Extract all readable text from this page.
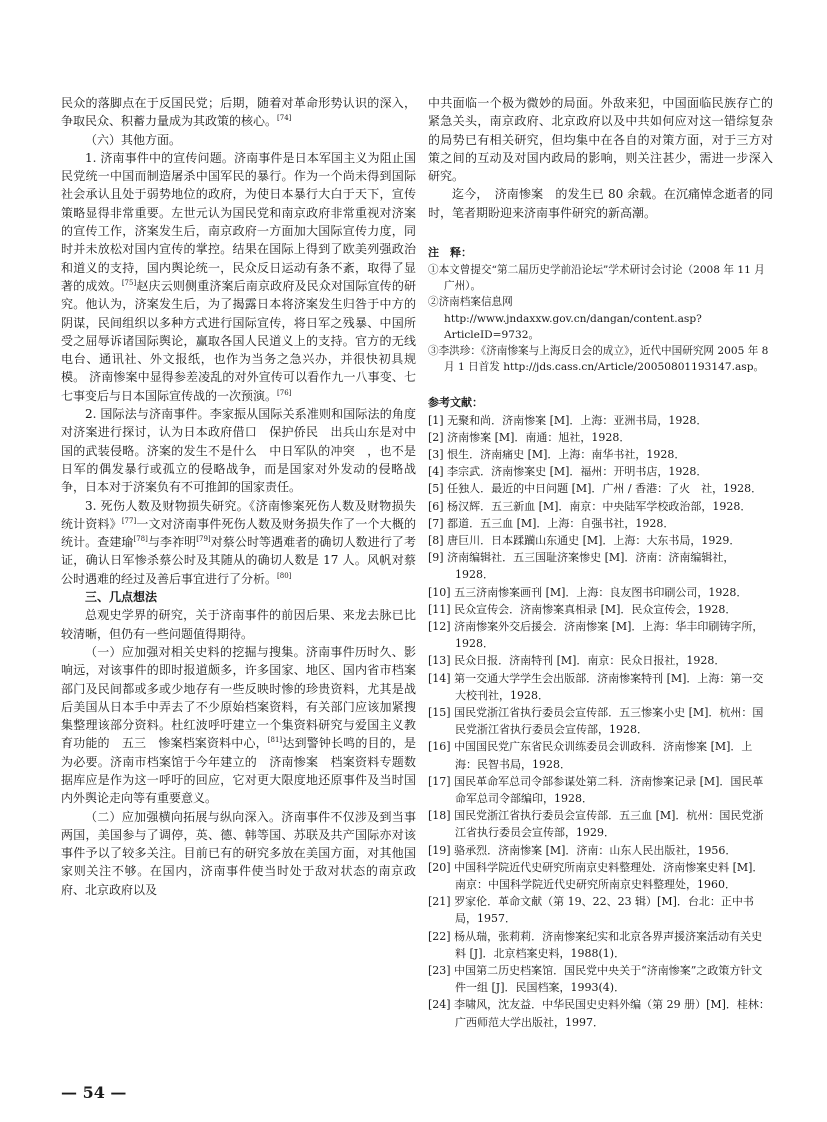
民众的落脚点在于反国民党；后期，随着对革命形势认识的深入，争取民众、积蓄力量成为其政策的核心。[74]

（六）其他方面。

1. 济南事件中的宣传问题。济南事件是日本军国主义为阻止国民党统一中国而制造屠杀中国军民的暴行。作为一个尚未得到国际社会承认且处于弱势地位的政府，为使日本暴行大白于天下，宣传策略显得非常重要。左世元认为国民党和南京政府非常重视对济案的宣传工作，济案发生后，南京政府一方面加大国际宣传力度，同时并未放松对国内宣传的掌控。结果在国际上得到了欧美列强政治和道义的支持，国内舆论统一，民众反日运动有条不紊，取得了显著的成效。[75]赵庆云则侧重济案后南京政府及民众对国际宣传的研究。他认为，济案发生后，为了揭露日本将济案发生归咎于中方的阴谋，民间组织以多种方式进行国际宣传，将日军之残暴、中国所受之屈辱诉诸国际舆论，赢取各国人民道义上的支持。官方的无线电台、通讯社、外文报纸，也作为当务之急兴办，并很快初具规模。 济南惨案中显得参差凌乱的对外宣传可以看作九一八事变、七七事变后与日本国际宣传战的一次预演。[76]

2. 国际法与济南事件。李家振从国际关系准则和国际法的角度对济案进行探讨，认为日本政府借口　保护侨民　出兵山东是对中国的武装侵略。济案的发生不是什么　中日军队的冲突　，也不是日军的偶发暴行或孤立的侵略战争，而是国家对外发动的侵略战争，日本对于济案负有不可推卸的国家责任。

3. 死伤人数及财物损失研究。《济南惨案死伤人数及财物损失统计资料》[77]一文对济南事件死伤人数及财务损失作了一个大概的统计。查建瑜[78]与李祚明[79]对蔡公时等遇难者的确切人数进行了考证，确认日军惨杀蔡公时及其随从的确切人数是 17 人。风帆对蔡公时遇难的经过及善后事宜进行了分析。[80]

三、几点想法

总观史学界的研究，关于济南事件的前因后果、来龙去脉已比较清晰，但仍有一些问题值得期待。

（一）应加强对相关史料的挖掘与搜集。济南事件历时久、影响远，对该事件的即时报道颇多，许多国家、地区、国内省市档案部门及民间都或多或少地存有一些反映时惨的珍贵资料，尤其是战后美国从日本手中弄去了不少原始档案资料，有关部门应该加紧搜集整理该部分资料。杜红波呼吁建立一个集资料研究与爱国主义教育功能的　五三　惨案档案资料中心，[81]达到警钟长鸣的目的，是为必要。济南市档案馆于今年建立的　济南惨案　档案资料专题数据库应是作为这一呼吁的回应，它对更大限度地还原事件及当时国内外舆论走向等有重要意义。

（二）应加强横向拓展与纵向深入。济南事件不仅涉及到当事两国，美国参与了调停，英、德、韩等国、苏联及共产国际亦对该事件予以了较多关注。目前已有的研究多放在美国方面，对其他国家则关注不够。在国内，济南事件使当时处于敌对状态的南京政府、北京政府以及

中共面临一个极为微妙的局面。外敌来犯，中国面临民族存亡的紧急关头，南京政府、北京政府以及中共如何应对这一错综复杂的局势已有相关研究，但均集中在各自的对策方面，对于三方对策之间的互动及对国内政局的影响，则关注甚少，需进一步深入研究。

迄今，　济南惨案　的发生已 80 余载。在沉痛悼念逝者的同时，笔者期盼迎来济南事件研究的新高潮。

注　释：

①本文曾提交“第二届历史学前沿论坛”学术研讨会讨论（2008 年 11 月广州）。

②济南档案信息网 http://www.jndaxxw.gov.cn/dangan/content.asp?ArticleID=9732。

③李洪珍：《济南惨案与上海反日会的成立》，近代中国研究网 2005 年 8 月 1 日首发 http://jds.cass.cn/Article/20050801193147.asp。

参考文献：

[1] 无聚和尚．济南惨案 [M]．上海：亚洲书局，1928．

[2] 济南惨案 [M]．南通：旭社，1928．

[3] 恨生．济南痛史 [M]．上海：南华书社，1928．

[4] 李宗武．济南惨案史 [M]．福州：开明书店，1928．

[5] 任独人．最近的中日问题 [M]．广州 / 香港：了火　社，1928．

[6] 杨汉辉．五三新血 [M]．南京：中央陆军学校政治部，1928．

[7] 都道．五三血 [M]．上海：自强书社，1928．

[8] 唐巨川．日本蹂躏山东通史 [M]．上海：大东书局，1929．

[9] 济南编辑社．五三国耻济案惨史 [M]．济南：济南编辑社，1928．

[10] 五三济南惨案画刊 [M]．上海：良友图书印刷公司，1928．

[11] 民众宣传会．济南惨案真相录 [M]．民众宣传会，1928．

[12] 济南惨案外交后援会．济南惨案 [M]．上海：华丰印刷铸字所，1928．

[13] 民众日报．济南特刊 [M]．南京：民众日报社，1928．

[14] 第一交通大学学生会出版部．济南惨案特刊 [M]．上海：第一交大校刊社，1928．

[15] 国民党浙江省执行委员会宣传部．五三惨案小史 [M]．杭州：国民党浙江省执行委员会宣传部，1928．

[16] 中国国民党广东省民众训练委员会训政科．济南惨案 [M]．上海：民智书局，1928．

[17] 国民革命军总司令部参谋处第二科．济南惨案记录 [M]．国民革命军总司令部编印，1928．

[18] 国民党浙江省执行委员会宣传部．五三血 [M]．杭州：国民党浙江省执行委员会宣传部，1929．

[19] 骆承烈．济南惨案 [M]．济南：山东人民出版社，1956．

[20] 中国科学院近代史研究所南京史料整理处．济南惨案史料 [M]．南京：中国科学院近代史研究所南京史料整理处，1960．

[21] 罗家伦．革命文献（第 19、22、23 辑）[M]．台北：正中书局，1957．

[22] 杨从瑞，张莉莉．济南惨案纪实和北京各界声援济案活动有关史料 [J]．北京档案史料，1988(1)．

[23] 中国第二历史档案馆．国民党中央关于“济南惨案”之政策方针文件一组 [J]．民国档案，1993(4)．

[24] 李啸风，沈友益．中华民国史史料外编（第 29 册）[M]．桂林：广西师范大学出版社，1997．

— 54 —
